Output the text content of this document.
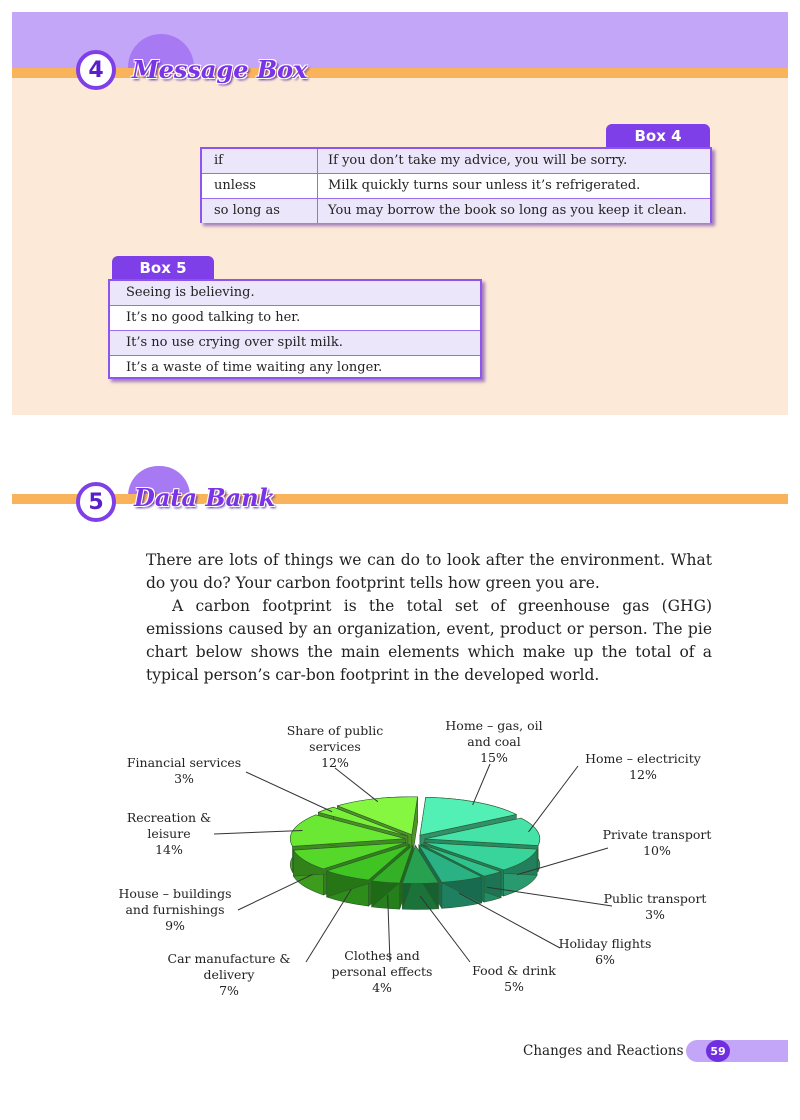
4	Message Box
Box 4
if	If you don’t take my advice, you will be sorry.
unless	Milk quickly turns sour unless it’s refrigerated.
so long as	You may borrow the book so long as you keep it clean.
Box 5
Seeing is believing.
It’s no good talking to her.
It’s no use crying over spilt milk.
It’s a waste of time waiting any longer.
5	Data Bank
There are lots of things we can do to look after the environment. What do you do? Your carbon footprint tells how green you are.
A carbon footprint is the total set of greenhouse gas (GHG) emissions caused by an organization, event, product or person. The pie chart below shows the main elements which make up the total of a typical person’s car-bon footprint in the developed world.
Home – gas, oil
and coal
15%	Home – electricity
12%
Private transport
10%
Public transport
3%
Holiday flights
6%
Food & drink
5%
Clothes and
personal effects
4%
Car manufacture &
delivery
7%
House – buildings
and furnishings
9%
Recreation &
leisure
14%
Financial services
3%
Share of public
services
12%
Changes and Reactions	59
